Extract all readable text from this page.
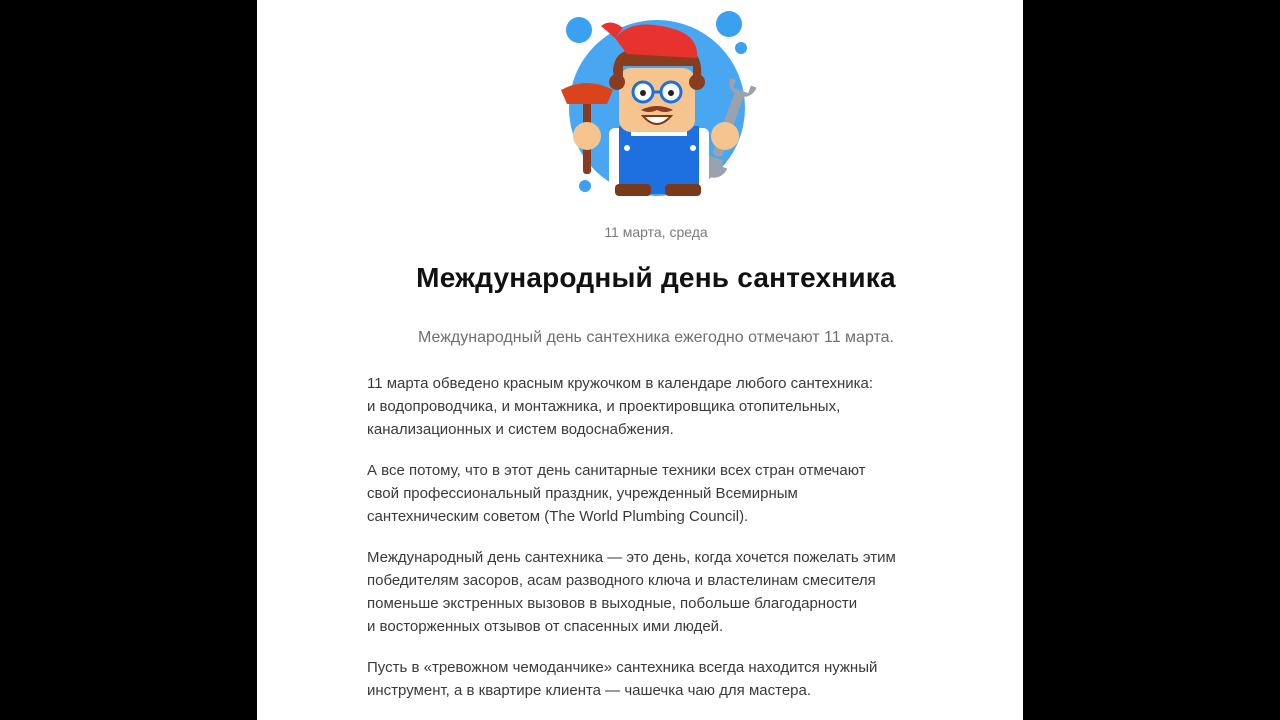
11 марта, среда
Международный день сантехника

Международный день сантехника ежегодно отмечают 11 марта.

11 марта обведено красным кружочком в календаре любого сантехника:
и водопроводчика, и монтажника, и проектировщика отопительных,
канализационных и систем водоснабжения.

А все потому, что в этот день санитарные техники всех стран отмечают
свой профессиональный праздник, учрежденный Всемирным
сантехническим советом (The World Plumbing Council).

Международный день сантехника — это день, когда хочется пожелать этим
победителям засоров, асам разводного ключа и властелинам смесителя
поменьше экстренных вызовов в выходные, побольше благодарности
и восторженных отзывов от спасенных ими людей.

Пусть в «тревожном чемоданчике» сантехника всегда находится нужный
инструмент, а в квартире клиента — чашечка чаю для мастера.
